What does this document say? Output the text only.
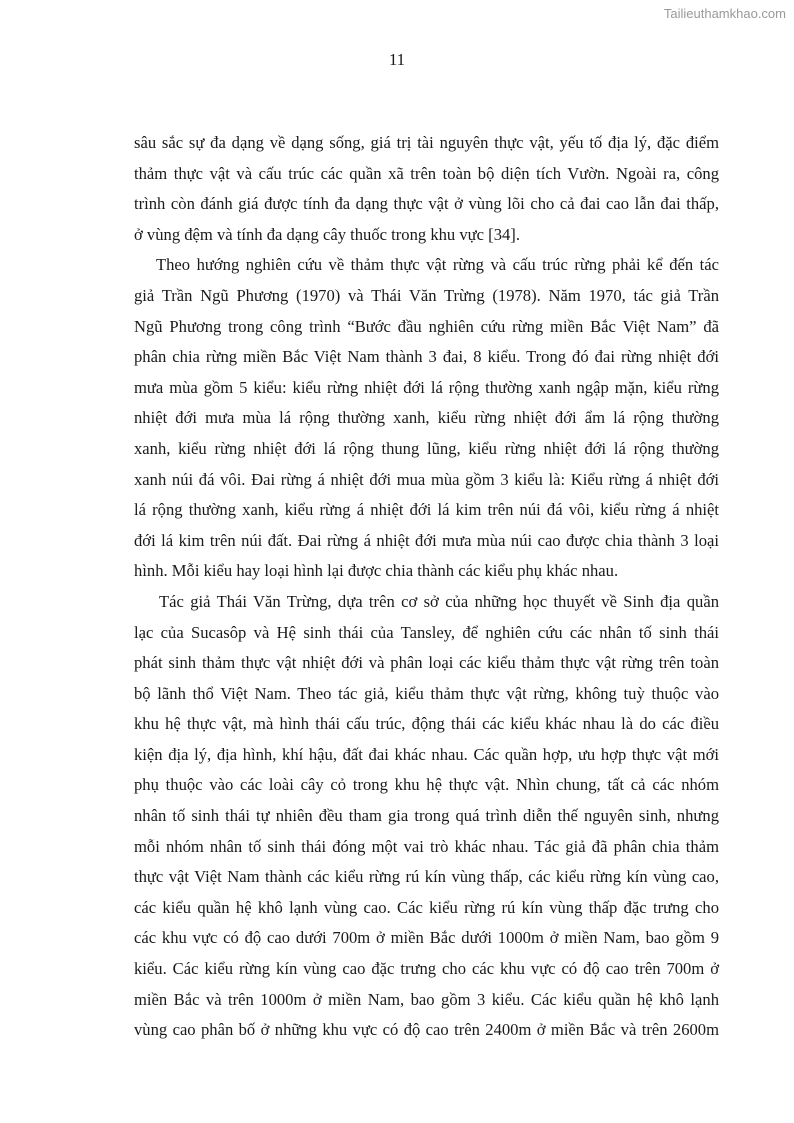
Tailieuthamkhao.com
11
sâu sắc sự đa dạng về dạng sống, giá trị tài nguyên thực vật, yếu tố địa lý, đặc điểm
thảm thực vật và cấu trúc các quần xã trên toàn bộ diện tích Vườn. Ngoài ra, công
trình còn đánh giá được tính đa dạng thực vật ở vùng lõi cho cả đai cao lẫn đai thấp,
ở vùng đệm và tính đa dạng cây thuốc trong khu vực [34].
Theo hướng nghiên cứu về thảm thực vật rừng và cấu trúc rừng phải kể đến tác
giả Trần Ngũ Phương (1970) và Thái Văn Trừng (1978). Năm 1970, tác giả Trần
Ngũ Phương trong công trình “Bước đầu nghiên cứu rừng miền Bắc Việt Nam” đã
phân chia rừng miền Bắc Việt Nam thành 3 đai, 8 kiểu. Trong đó đai rừng nhiệt đới
mưa mùa gồm 5 kiểu: kiểu rừng nhiệt đới lá rộng thường xanh ngập mặn, kiểu rừng
nhiệt đới mưa mùa lá rộng thường xanh, kiểu rừng nhiệt đới ẩm lá rộng thường
xanh, kiểu rừng nhiệt đới lá rộng thung lũng, kiểu rừng nhiệt đới lá rộng thường
xanh núi đá vôi. Đai rừng á nhiệt đới mua mùa gồm 3 kiểu là: Kiểu rừng á nhiệt đới
lá rộng thường xanh, kiểu rừng á nhiệt đới lá kim trên núi đá vôi, kiểu rừng á nhiệt
đới lá kim trên núi đất. Đai rừng á nhiệt đới mưa mùa núi cao được chia thành 3 loại
hình. Mỗi kiểu hay loại hình lại được chia thành các kiểu phụ khác nhau.
Tác giả Thái Văn Trừng, dựa trên cơ sở của những học thuyết về Sinh địa quần
lạc của Sucasôp và Hệ sinh thái của Tansley, để nghiên cứu các nhân tố sinh thái
phát sinh thảm thực vật nhiệt đới và phân loại các kiểu thảm thực vật rừng trên toàn
bộ lãnh thổ Việt Nam. Theo tác giả, kiểu thảm thực vật rừng, không tuỳ thuộc vào
khu hệ thực vật, mà hình thái cấu trúc, động thái các kiểu khác nhau là do các điều
kiện địa lý, địa hình, khí hậu, đất đai khác nhau. Các quần hợp, ưu hợp thực vật mới
phụ thuộc vào các loài cây cỏ trong khu hệ thực vật. Nhìn chung, tất cả các nhóm
nhân tố sinh thái tự nhiên đều tham gia trong quá trình diễn thế nguyên sinh, nhưng
mỗi nhóm nhân tố sinh thái đóng một vai trò khác nhau. Tác giả đã phân chia thảm
thực vật Việt Nam thành các kiểu rừng rú kín vùng thấp, các kiểu rừng kín vùng cao,
các kiểu quần hệ khô lạnh vùng cao. Các kiểu rừng rú kín vùng thấp đặc trưng cho
các khu vực có độ cao dưới 700m ở miền Bắc dưới 1000m ở miền Nam, bao gồm 9
kiểu. Các kiểu rừng kín vùng cao đặc trưng cho các khu vực có độ cao trên 700m ở
miền Bắc và trên 1000m ở miền Nam, bao gồm 3 kiểu. Các kiểu quần hệ khô lạnh
vùng cao phân bố ở những khu vực có độ cao trên 2400m ở miền Bắc và trên 2600m
